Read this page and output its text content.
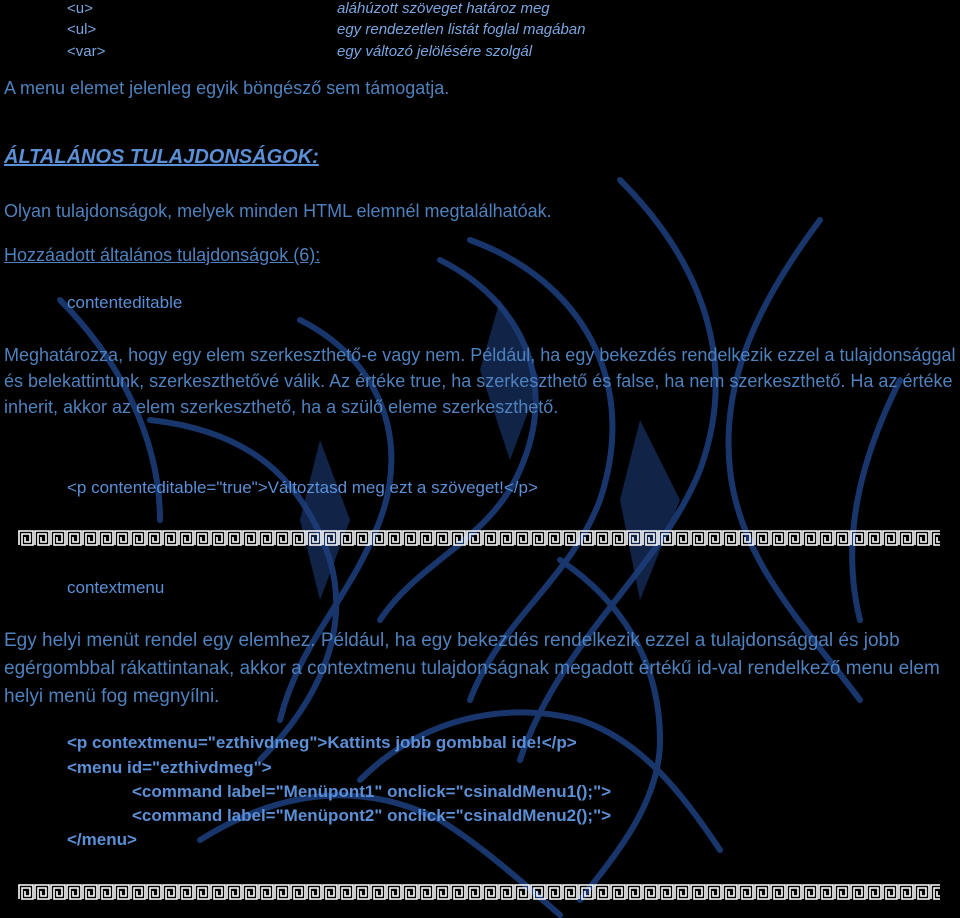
<u>	aláhúzott szöveget határoz meg
<ul>	egy rendezetlen listát foglal magában
<var>	egy változó jelölésére szolgál

A menu elemet jelenleg egyik böngésző sem támogatja.

ÁLTALÁNOS TULAJDONSÁGOK:

Olyan tulajdonságok, melyek minden HTML elemnél megtalálhatóak.

Hozzáadott általános tulajdonságok (6):
contenteditable

Meghatározza, hogy egy elem szerkeszthető-e vagy nem. Például, ha egy bekezdés rendelkezik ezzel a tulajdonsággal és belekattintunk, szerkeszthetővé válik. Az értéke true, ha szerkeszthető és false, ha nem szerkeszthető. Ha az értéke inherit, akkor az elem szerkeszthető, ha a szülő eleme szerkeszthető.

<p contenteditable="true">Változtasd meg ezt a szöveget!</p>
contextmenu

Egy helyi menüt rendel egy elemhez. Például, ha egy bekezdés rendelkezik ezzel a tulajdonsággal és jobb egérgombbal rákattintanak, akkor a contextmenu tulajdonságnak megadott értékű id-val rendelkező menu elem helyi menü fog megnyílni.

<p contextmenu="ezthivdmeg">Kattints jobb gombbal ide!</p>
<menu id="ezthivdmeg">
<command label="Menüpont1" onclick="csinaldMenu1();">
<command label="Menüpont2" onclick="csinaldMenu2();">
</menu>
